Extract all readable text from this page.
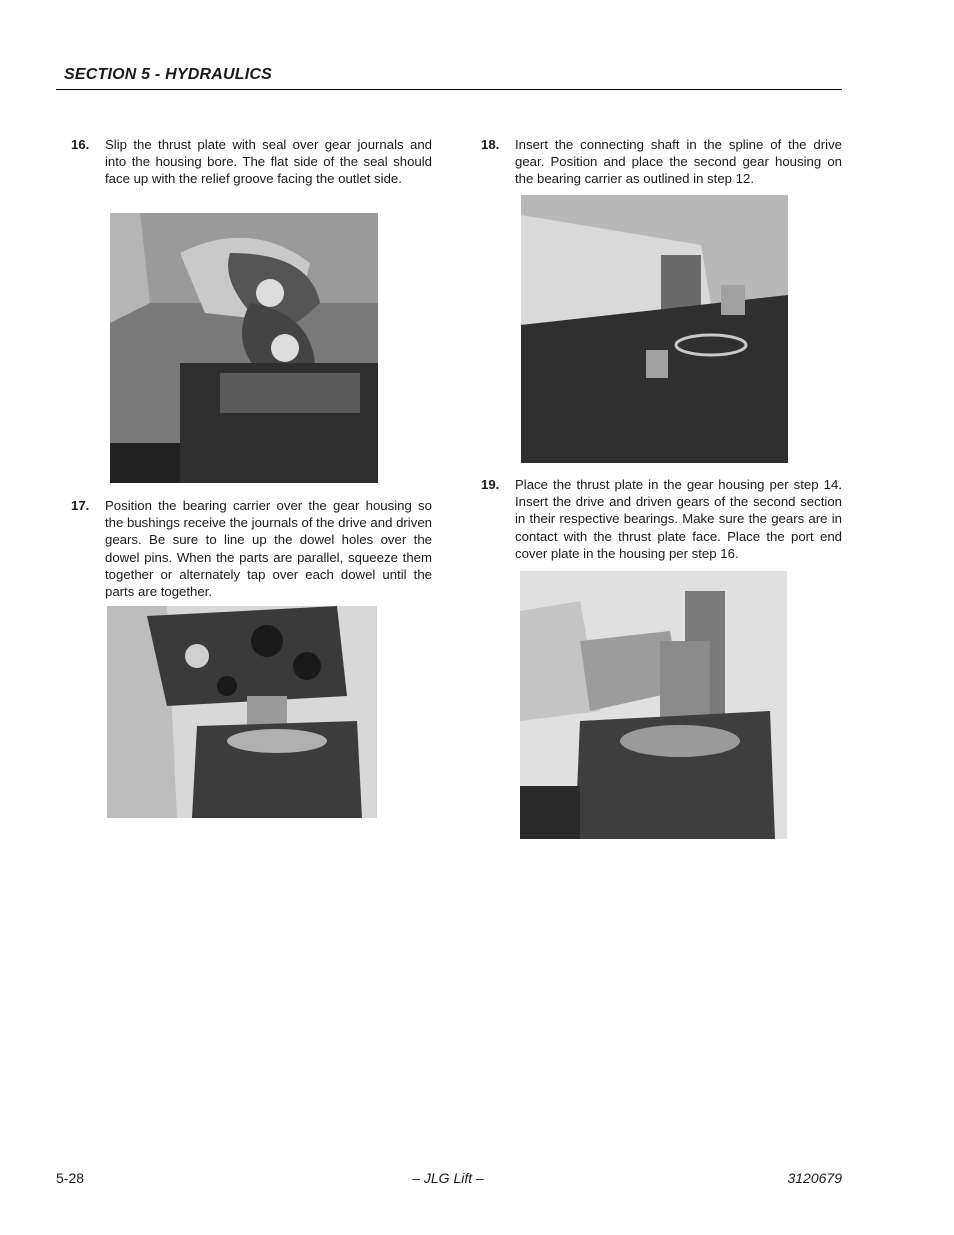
SECTION 5 - HYDRAULICS
16. Slip the thrust plate with seal over gear journals and into the housing bore. The flat side of the seal should face up with the relief groove facing the outlet side.
17. Position the bearing carrier over the gear housing so the bushings receive the journals of the drive and driven gears. Be sure to line up the dowel holes over the dowel pins. When the parts are parallel, squeeze them together or alternately tap over each dowel until the parts are together.
18. Insert the connecting shaft in the spline of the drive gear. Position and place the second gear housing on the bearing carrier as outlined in step 12.
19. Place the thrust plate in the gear housing per step 14. Insert the drive and driven gears of the second section in their respective bearings. Make sure the gears are in contact with the thrust plate face. Place the port end cover plate in the housing per step 16.
5-28	– JLG Lift –	3120679
